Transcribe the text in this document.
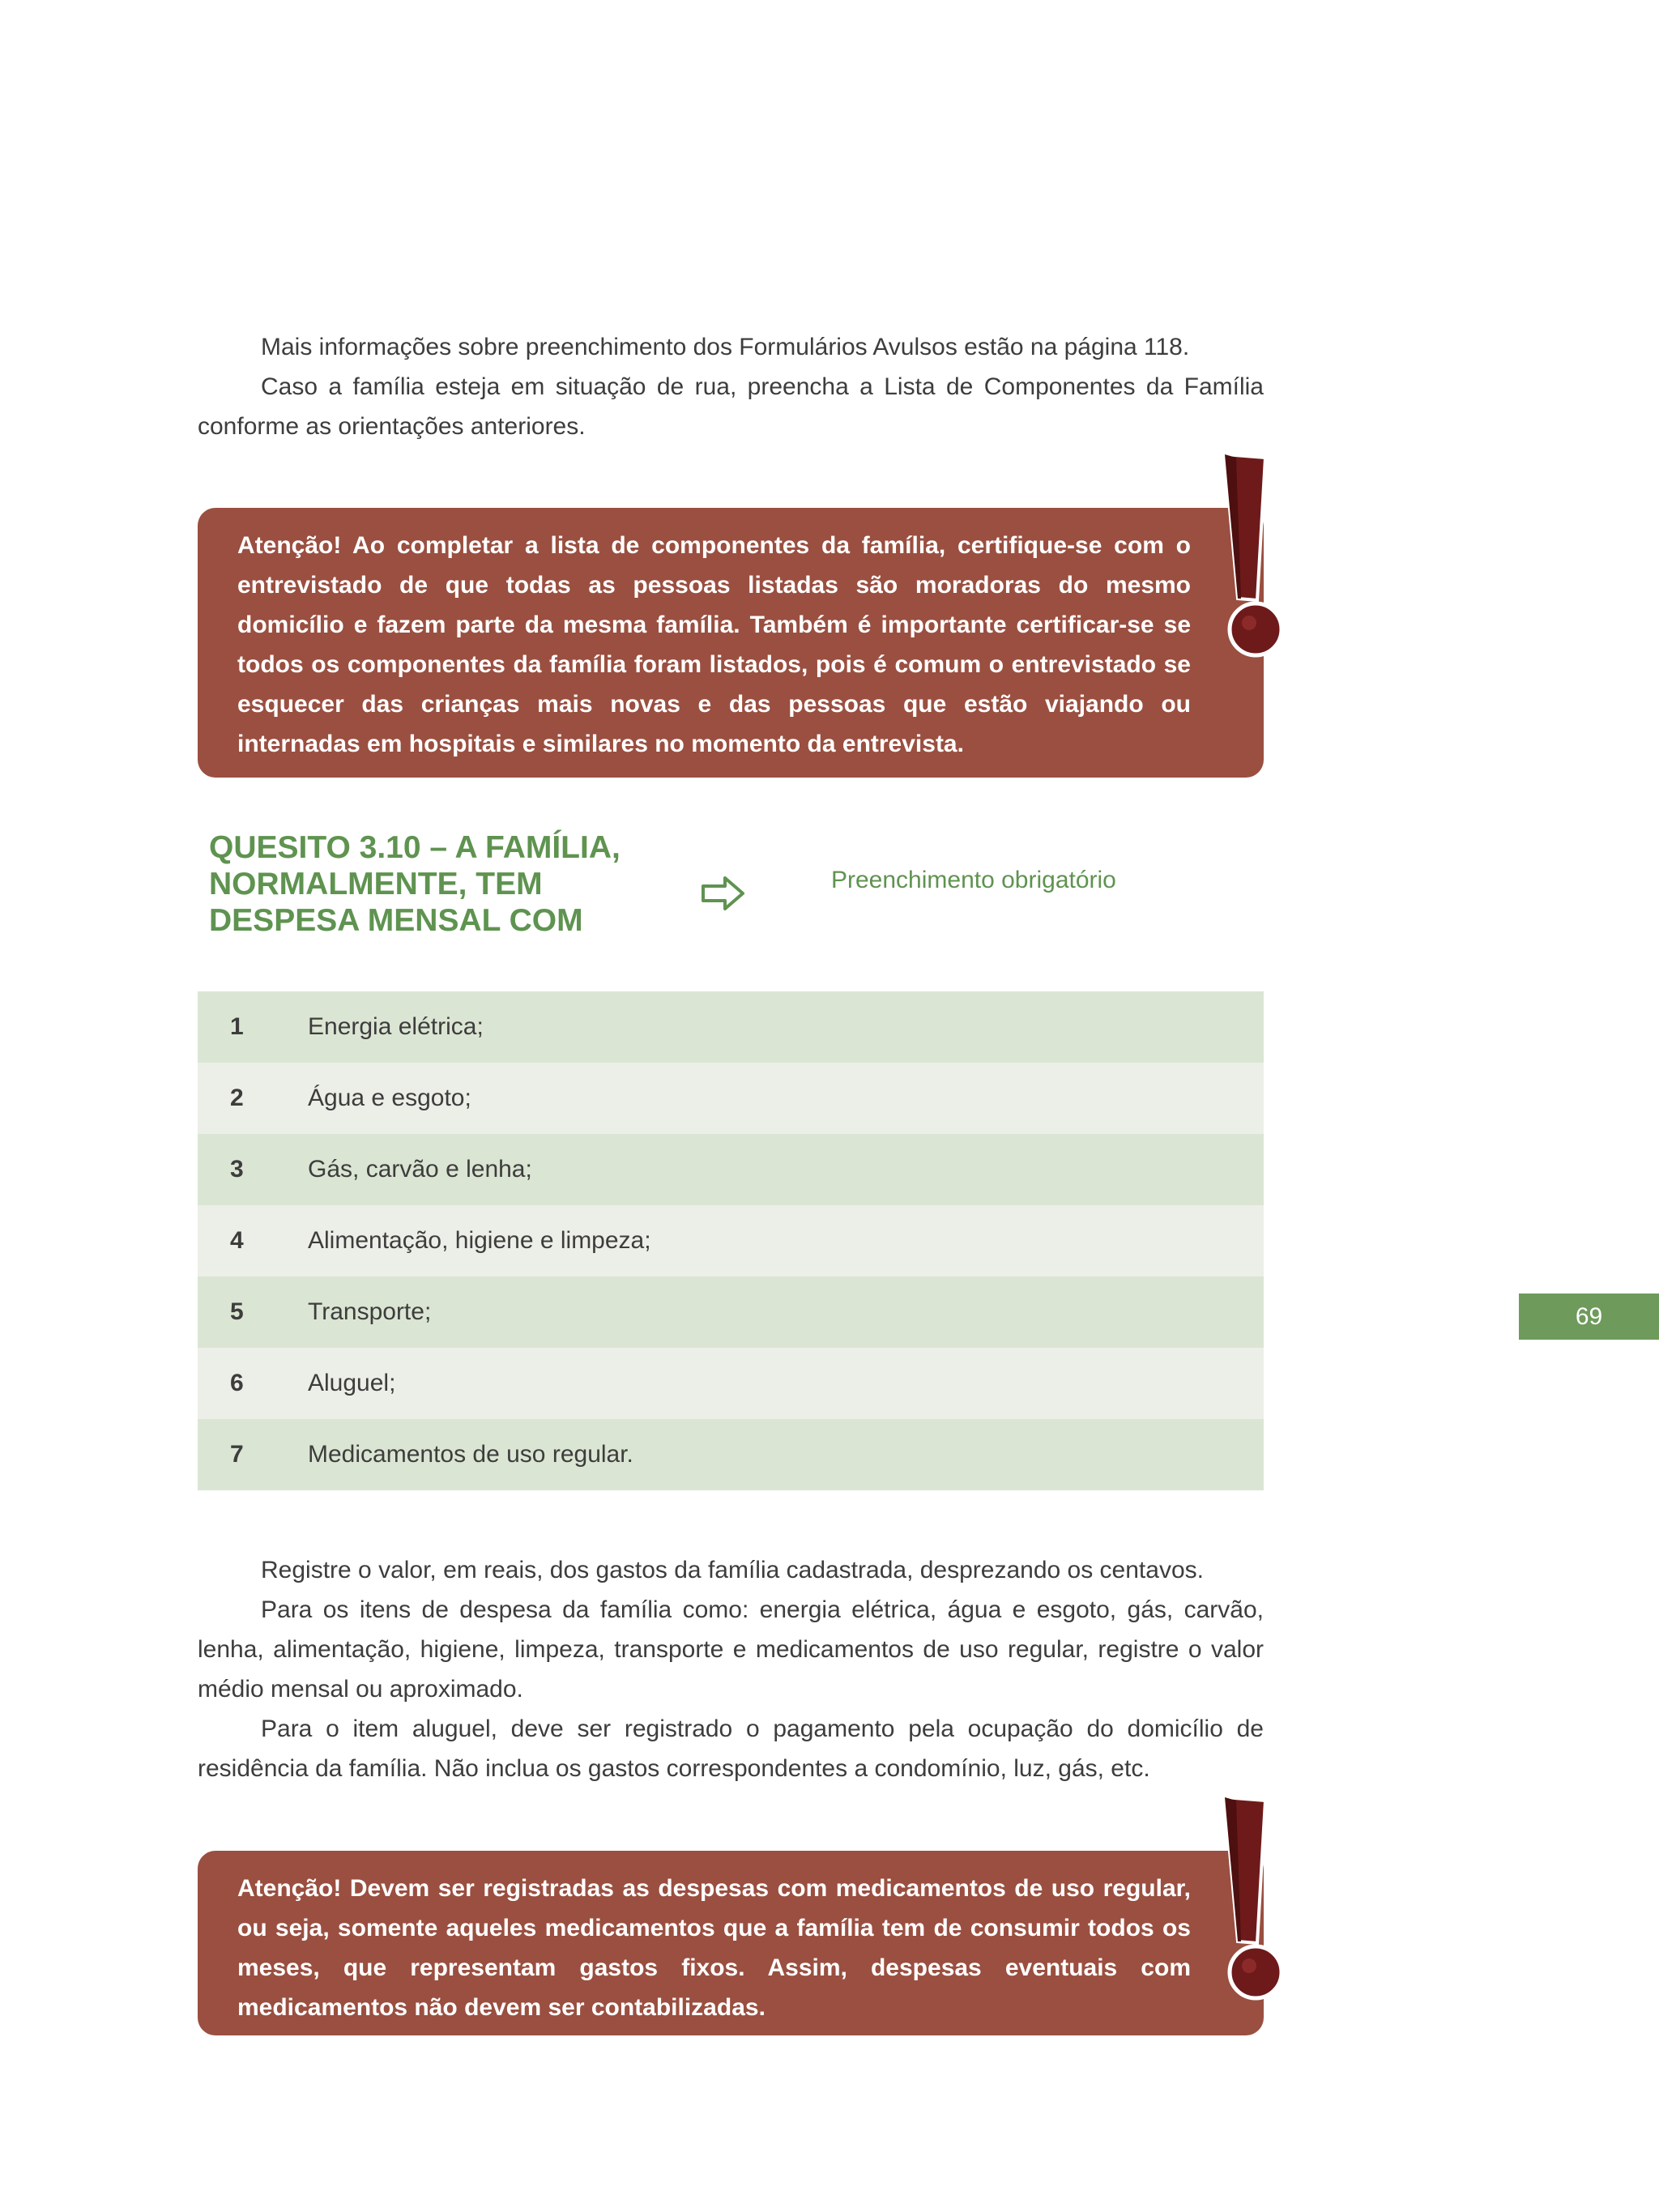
Mais informações sobre preenchimento dos Formulários Avulsos estão na página 118.

Caso a família esteja em situação de rua, preencha a Lista de Componentes da Família conforme as orientações anteriores.

Atenção! Ao completar a lista de componentes da família, certifique-se com o entrevistado de que todas as pessoas listadas são moradoras do mesmo domicílio e fazem parte da mesma família. Também é importante certificar-se se todos os componentes da família foram listados, pois é comum o entrevistado se esquecer das crianças mais novas e das pessoas que estão viajando ou internadas em hospitais e similares no momento da entrevista.

QUESITO 3.10 – A FAMÍLIA, NORMALMENTE, TEM DESPESA MENSAL COM
Preenchimento obrigatório
1	Energia elétrica;
2	Água e esgoto;
3	Gás, carvão e lenha;
4	Alimentação, higiene e limpeza;
5	Transporte;
6	Aluguel;
7	Medicamentos de uso regular.

Registre o valor, em reais, dos gastos da família cadastrada, desprezando os centavos.

Para os itens de despesa da família como: energia elétrica, água e esgoto, gás, carvão, lenha, alimentação, higiene, limpeza, transporte e medicamentos de uso regular, registre o valor médio mensal ou aproximado.

Para o item aluguel, deve ser registrado o pagamento pela ocupação do domicílio de residência da família. Não inclua os gastos correspondentes a condomínio, luz, gás, etc.

Atenção! Devem ser registradas as despesas com medicamentos de uso regular, ou seja, somente aqueles medicamentos que a família tem de consumir todos os meses, que representam gastos fixos. Assim, despesas eventuais com medicamentos não devem ser contabilizadas.

69
